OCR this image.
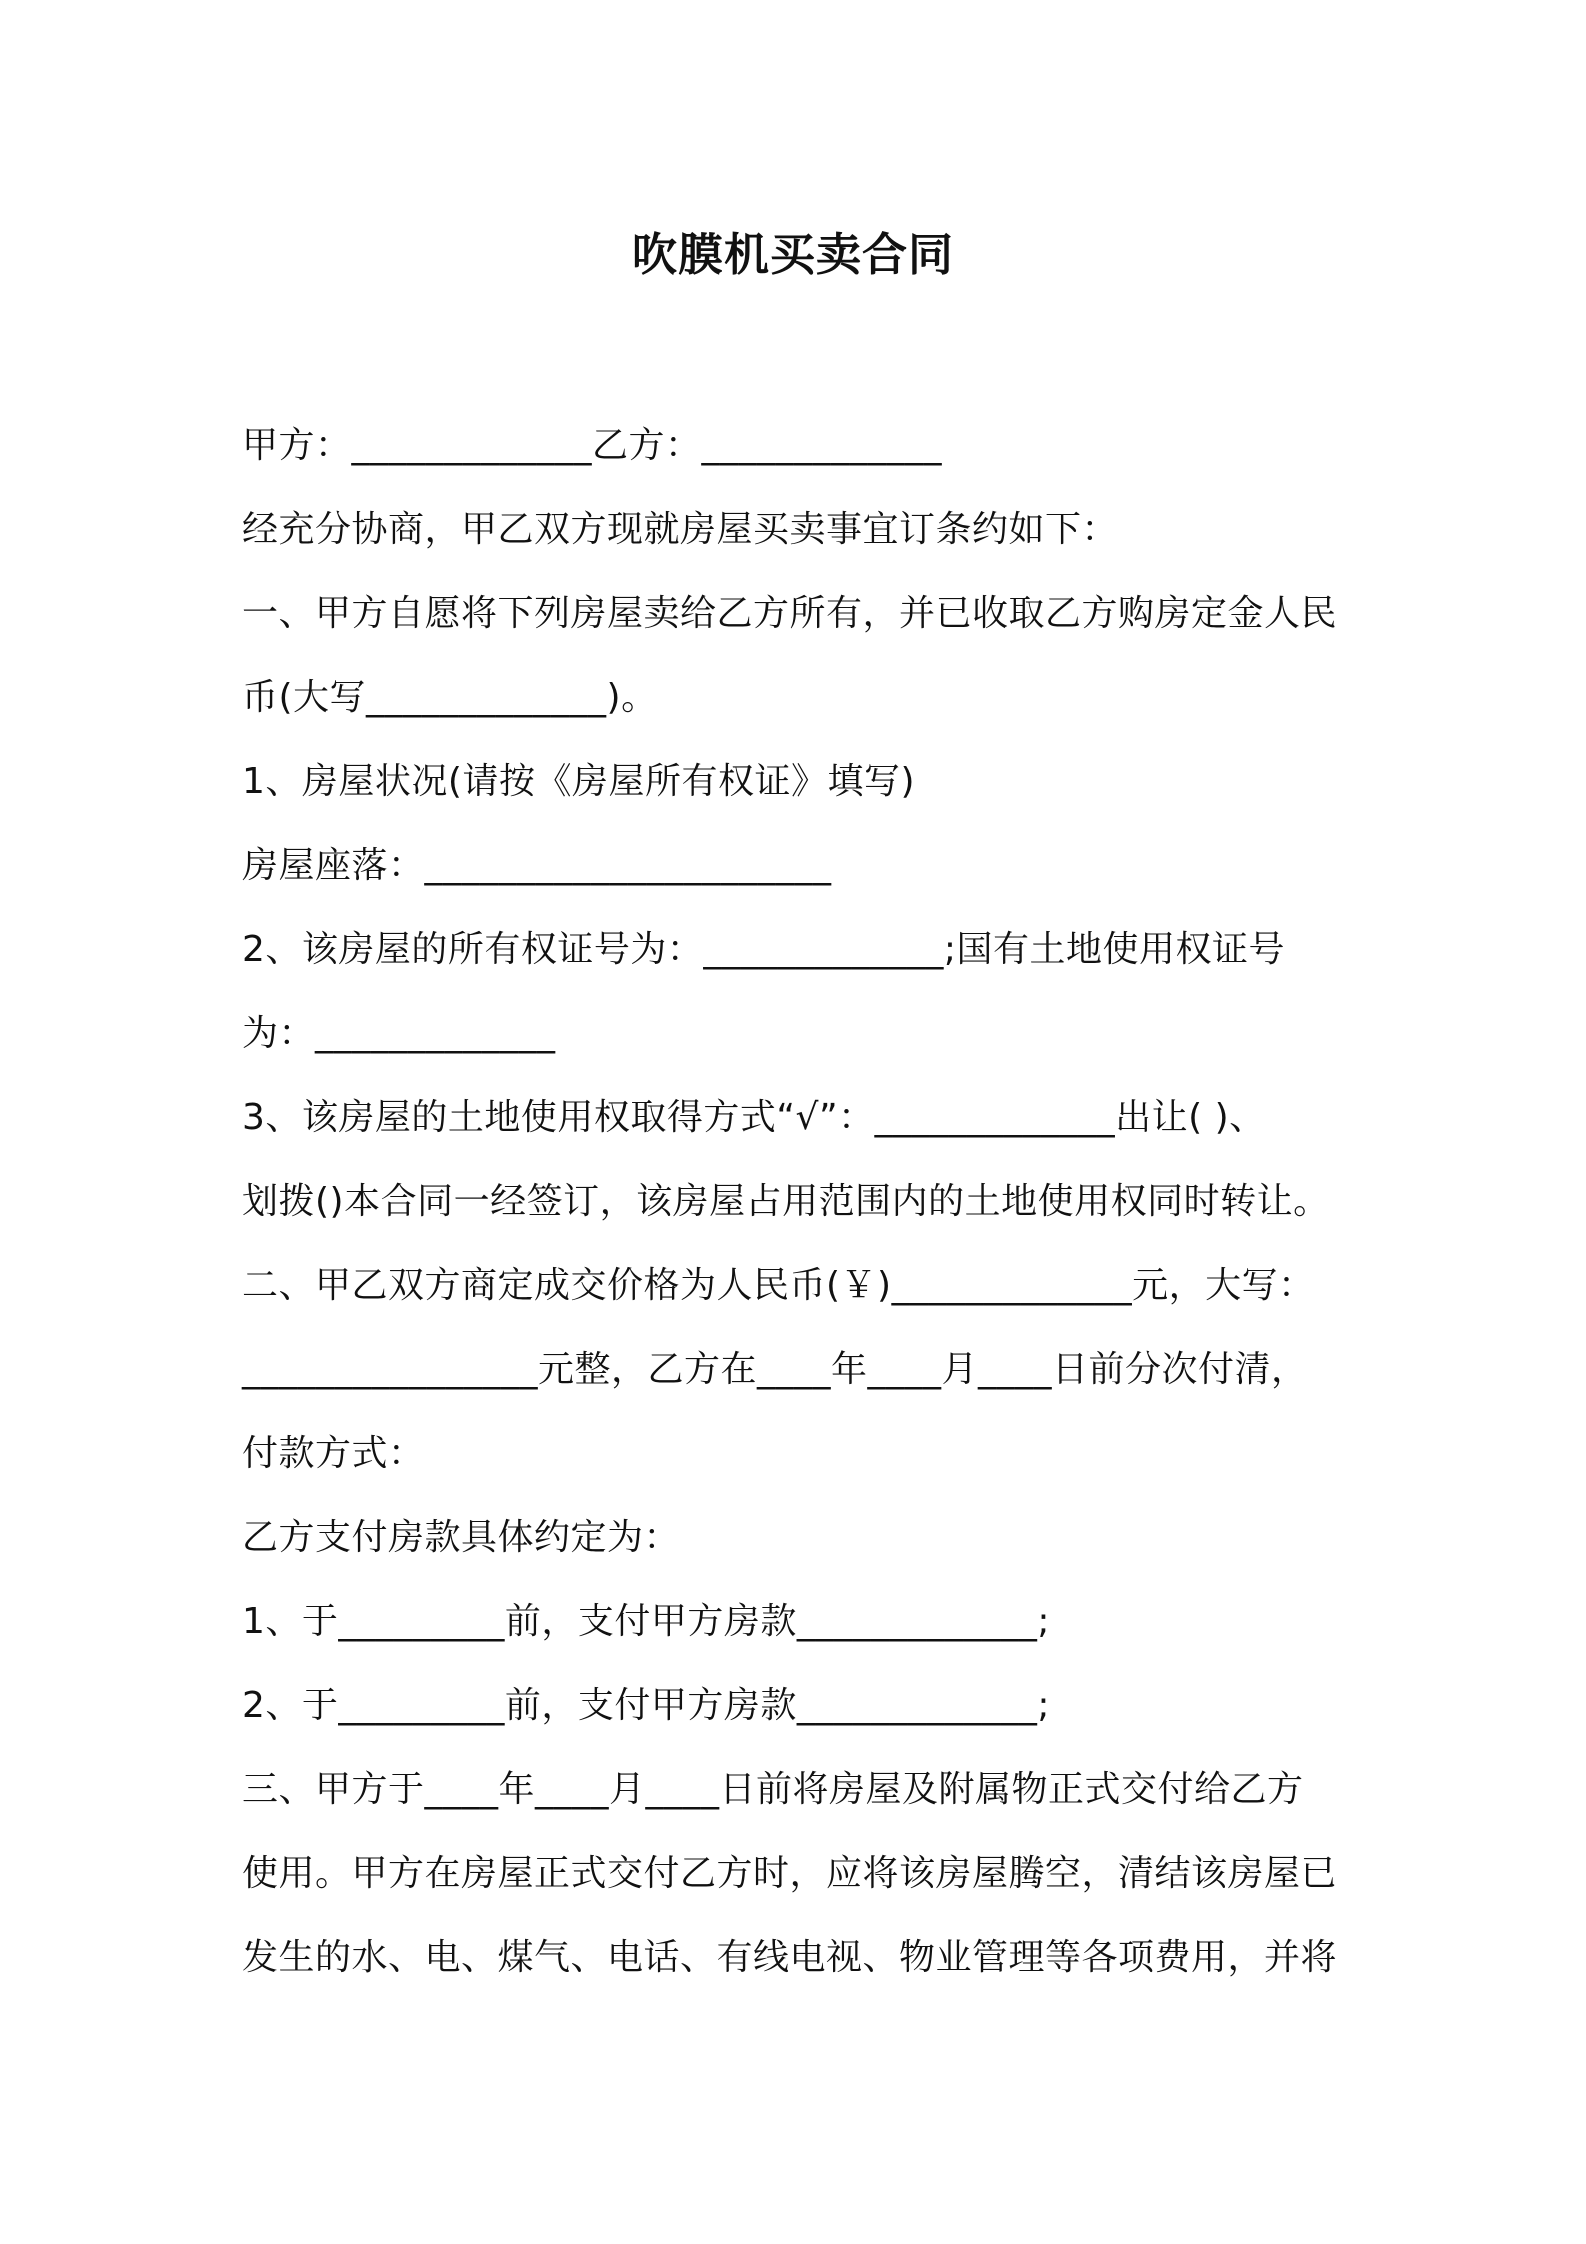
吹膜机买卖合同
甲方：_____________乙方：_____________
经充分协商，甲乙双方现就房屋买卖事宜订条约如下：
一、甲方自愿将下列房屋卖给乙方所有，并已收取乙方购房定金人民
币(大写_____________)。
1、房屋状况(请按《房屋所有权证》填写)
房屋座落：______________________
2、该房屋的所有权证号为：_____________;国有土地使用权证号
为：_____________
3、该房屋的土地使用权取得方式“√”：_____________出让( )、
划拨()本合同一经签订，该房屋占用范围内的土地使用权同时转让。
二、甲乙双方商定成交价格为人民币(￥)_____________元，大写：
________________元整，乙方在____年____月____日前分次付清，
付款方式：
乙方支付房款具体约定为：
1、于_________前，支付甲方房款_____________;
2、于_________前，支付甲方房款_____________;
三、甲方于____年____月____日前将房屋及附属物正式交付给乙方
使用。甲方在房屋正式交付乙方时，应将该房屋腾空，清结该房屋已
发生的水、电、煤气、电话、有线电视、物业管理等各项费用，并将
